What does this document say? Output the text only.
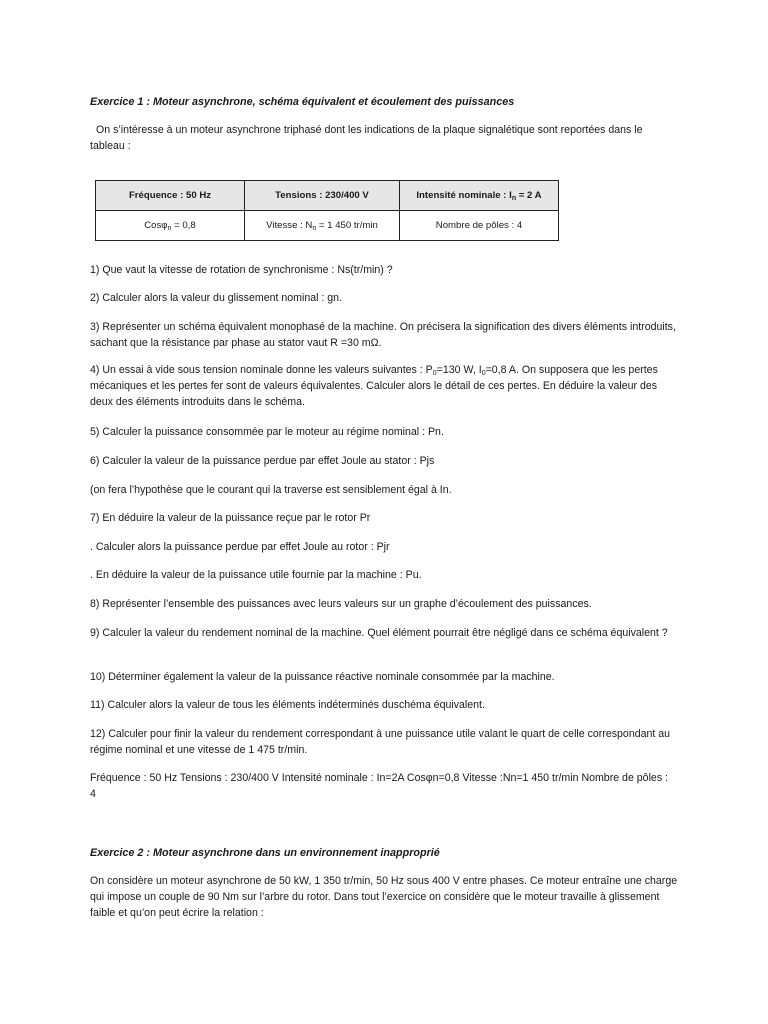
Exercice 1 : Moteur asynchrone, schéma équivalent et écoulement des puissances

On s’intéresse à un moteur asynchrone triphasé dont les indications de la plaque signalétique sont reportées dans le tableau :

Fréquence : 50 Hz	Tensions : 230/400 V	Intensité nominale : $I_n = 2$ A
Cosφ$_n$ = 0,8	Vitesse : $N_n = 1$ 450 tr/min	Nombre de pôles : 4

1) Que vaut la vitesse de rotation de synchronisme : Ns(tr/min) ?

2) Calculer alors la valeur du glissement nominal : gn.

3) Représenter un schéma équivalent monophasé de la machine. On précisera la signification des divers éléments introduits, sachant que la résistance par phase au stator vaut R =30 mΩ.

4) Un essai à vide sous tension nominale donne les valeurs suivantes : $P_0=130$ W, $I_0=0,8$ A. On supposera que les pertes mécaniques et les pertes fer sont de valeurs équivalentes. Calculer alors le détail de ces pertes. En déduire la valeur des deux des éléments introduits dans le schéma.

5) Calculer la puissance consommée par le moteur au régime nominal : Pn.

6) Calculer la valeur de la puissance perdue par effet Joule au stator : Pjs

(on fera l’hypothèse que le courant qui la traverse est sensiblement égal à In.

7) En déduire la valeur de la puissance reçue par le rotor Pr

. Calculer alors la puissance perdue par effet Joule au rotor : Pjr

. En déduire la valeur de la puissance utile fournie par la machine : Pu.

8) Représenter l’ensemble des puissances avec leurs valeurs sur un graphe d’écoulement des puissances.

9) Calculer la valeur du rendement nominal de la machine. Quel élément pourrait être négligé dans ce schéma équivalent ?

10) Déterminer également la valeur de la puissance réactive nominale consommée par la machine.

11) Calculer alors la valeur de tous les éléments indéterminés duschéma équivalent.

12) Calculer pour finir la valeur du rendement correspondant à une puissance utile valant le quart de celle correspondant au régime nominal et une vitesse de 1 475 tr/min.

Fréquence : 50 Hz Tensions : 230/400 V Intensité nominale : In=2A Cosφn=0,8 Vitesse :Nn=1 450 tr/min Nombre de pôles : 4

Exercice 2 : Moteur asynchrone dans un environnement inapproprié

On considère un moteur asynchrone de 50 kW, 1 350 tr/min, 50 Hz sous 400 V entre phases. Ce moteur entraîne une charge qui impose un couple de 90 Nm sur l’arbre du rotor. Dans tout l’exercice on considère que le moteur travaille à glissement faible et qu’on peut écrire la relation :
